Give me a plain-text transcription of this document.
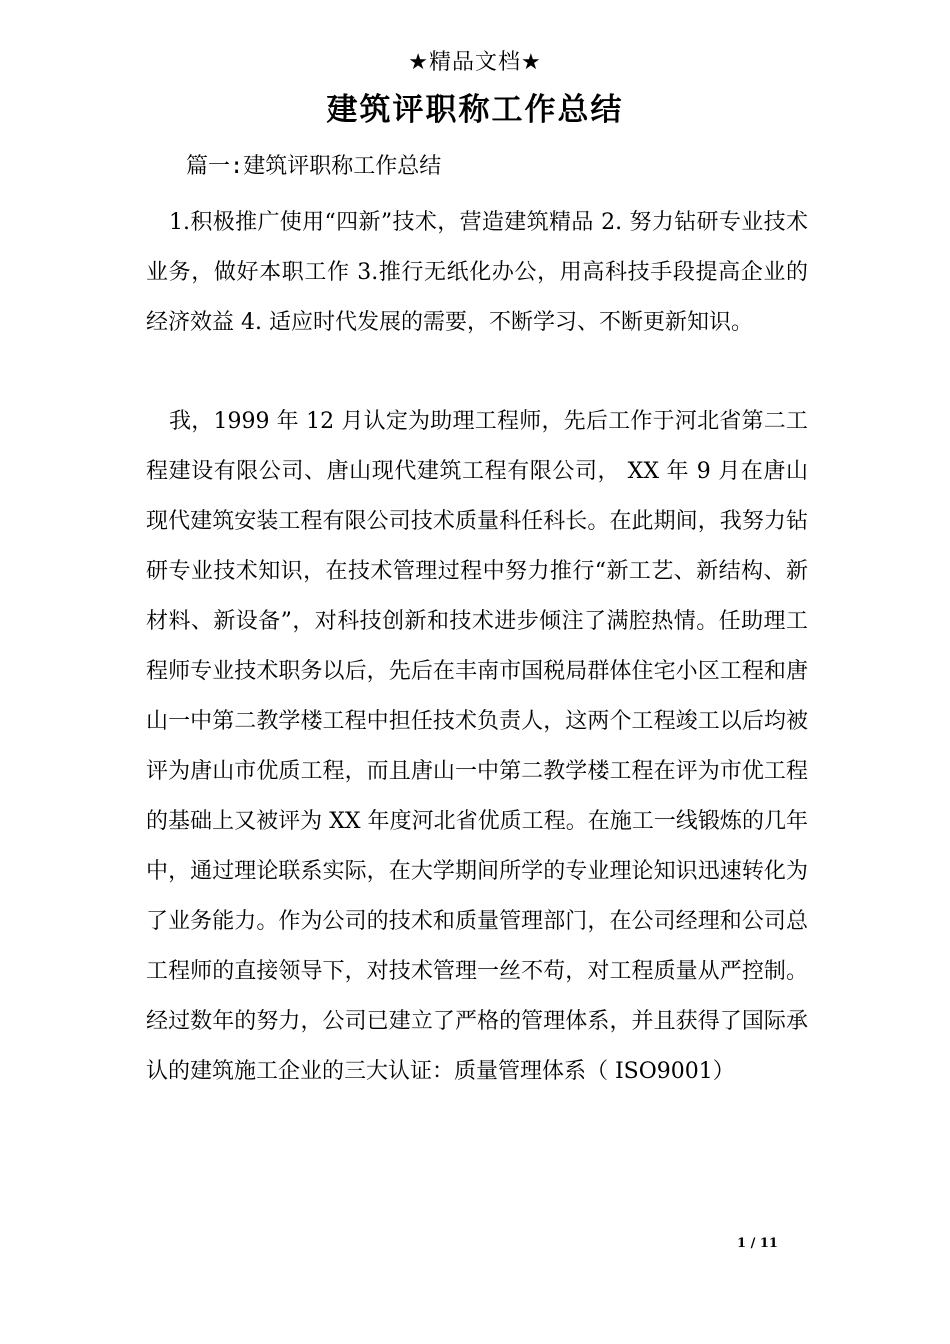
★精品文档★
建筑评职称工作总结
篇一:建筑评职称工作总结

1.积极推广使用“四新”技术，营造建筑精品 2. 努力钻研专业技术业务，做好本职工作 3.推行无纸化办公，用高科技手段提高企业的经济效益 4. 适应时代发展的需要，不断学习、不断更新知识。

我，1999 年 12 月认定为助理工程师，先后工作于河北省第二工程建设有限公司、唐山现代建筑工程有限公司， XX 年 9 月在唐山现代建筑安装工程有限公司技术质量科任科长。在此期间，我努力钻研专业技术知识，在技术管理过程中努力推行“新工艺、新结构、新材料、新设备”，对科技创新和技术进步倾注了满腔热情。任助理工程师专业技术职务以后，先后在丰南市国税局群体住宅小区工程和唐山一中第二教学楼工程中担任技术负责人，这两个工程竣工以后均被评为唐山市优质工程，而且唐山一中第二教学楼工程在评为市优工程的基础上又被评为 XX 年度河北省优质工程。在施工一线锻炼的几年中，通过理论联系实际，在大学期间所学的专业理论知识迅速转化为了业务能力。作为公司的技术和质量管理部门，在公司经理和公司总工程师的直接领导下，对技术管理一丝不苟，对工程质量从严控制。经过数年的努力，公司已建立了严格的管理体系，并且获得了国际承认的建筑施工企业的三大认证：质量管理体系（ ISO9001）

1 / 11
